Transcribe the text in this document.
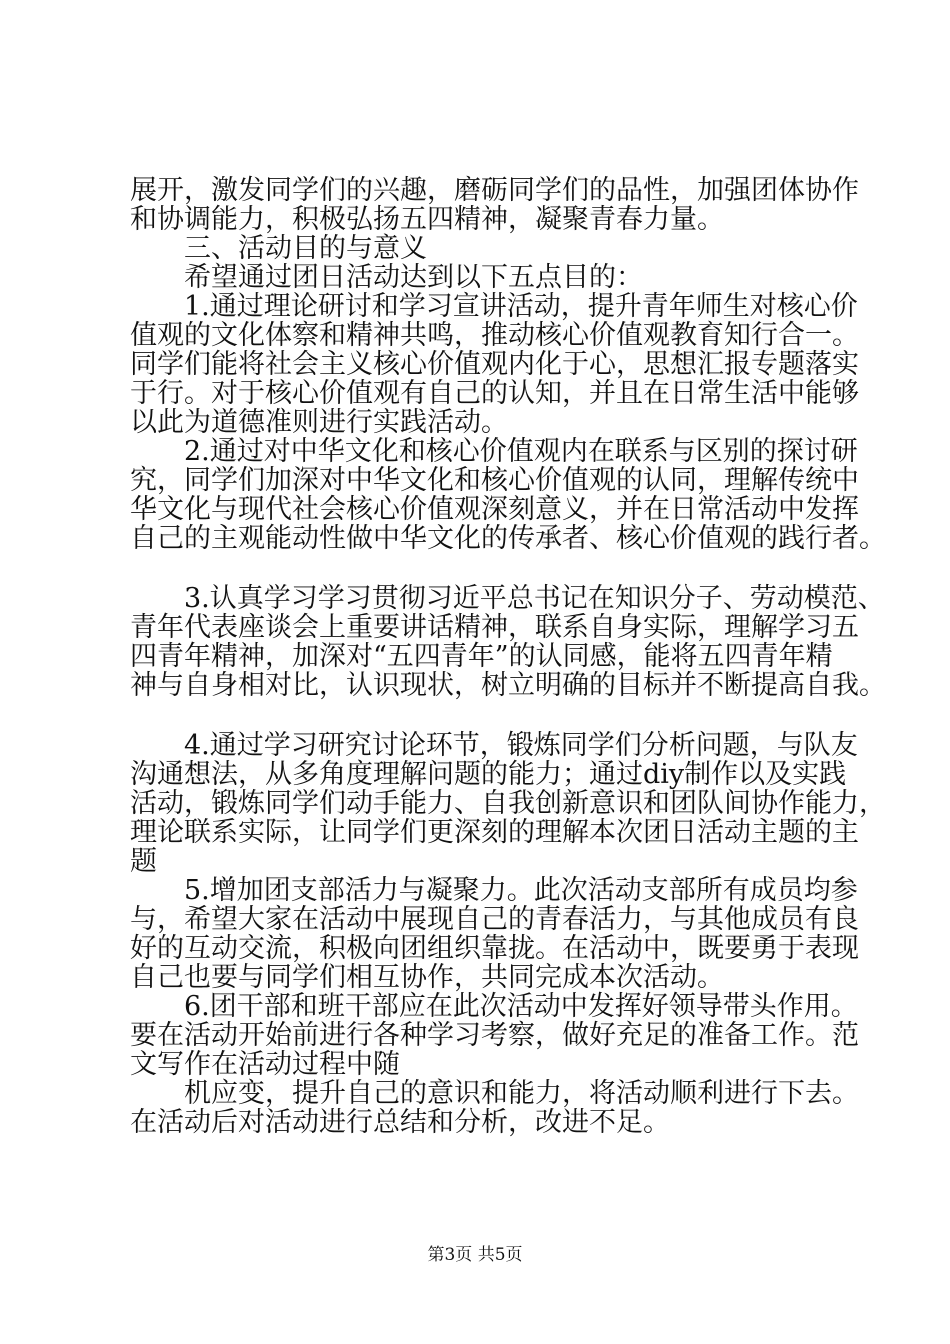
展开，激发同学们的兴趣，磨砺同学们的品性，加强团体协作
和协调能力，积极弘扬五四精神，凝聚青春力量。
　　三、活动目的与意义
　　希望通过团日活动达到以下五点目的：
　　1.通过理论研讨和学习宣讲活动，提升青年师生对核心价
值观的文化体察和精神共鸣，推动核心价值观教育知行合一。
同学们能将社会主义核心价值观内化于心，思想汇报专题落实
于行。对于核心价值观有自己的认知，并且在日常生活中能够
以此为道德准则进行实践活动。
　　2.通过对中华文化和核心价值观内在联系与区别的探讨研
究，同学们加深对中华文化和核心价值观的认同，理解传统中
华文化与现代社会核心价值观深刻意义，并在日常活动中发挥
自己的主观能动性做中华文化的传承者、核心价值观的践行者。
　　3.认真学习学习贯彻习近平总书记在知识分子、劳动模范、
青年代表座谈会上重要讲话精神，联系自身实际，理解学习五
四青年精神，加深对“五四青年”的认同感，能将五四青年精
神与自身相对比，认识现状，树立明确的目标并不断提高自我。
　　4.通过学习研究讨论环节，锻炼同学们分析问题，与队友
沟通想法，从多角度理解问题的能力；通过diy制作以及实践
活动，锻炼同学们动手能力、自我创新意识和团队间协作能力，
理论联系实际，让同学们更深刻的理解本次团日活动主题的主
题
　　5.增加团支部活力与凝聚力。此次活动支部所有成员均参
与，希望大家在活动中展现自己的青春活力，与其他成员有良
好的互动交流，积极向团组织靠拢。在活动中，既要勇于表现
自己也要与同学们相互协作，共同完成本次活动。
　　6.团干部和班干部应在此次活动中发挥好领导带头作用。
要在活动开始前进行各种学习考察，做好充足的准备工作。范
文写作在活动过程中随
　　机应变，提升自己的意识和能力，将活动顺利进行下去。
在活动后对活动进行总结和分析，改进不足。
第3页 共5页
